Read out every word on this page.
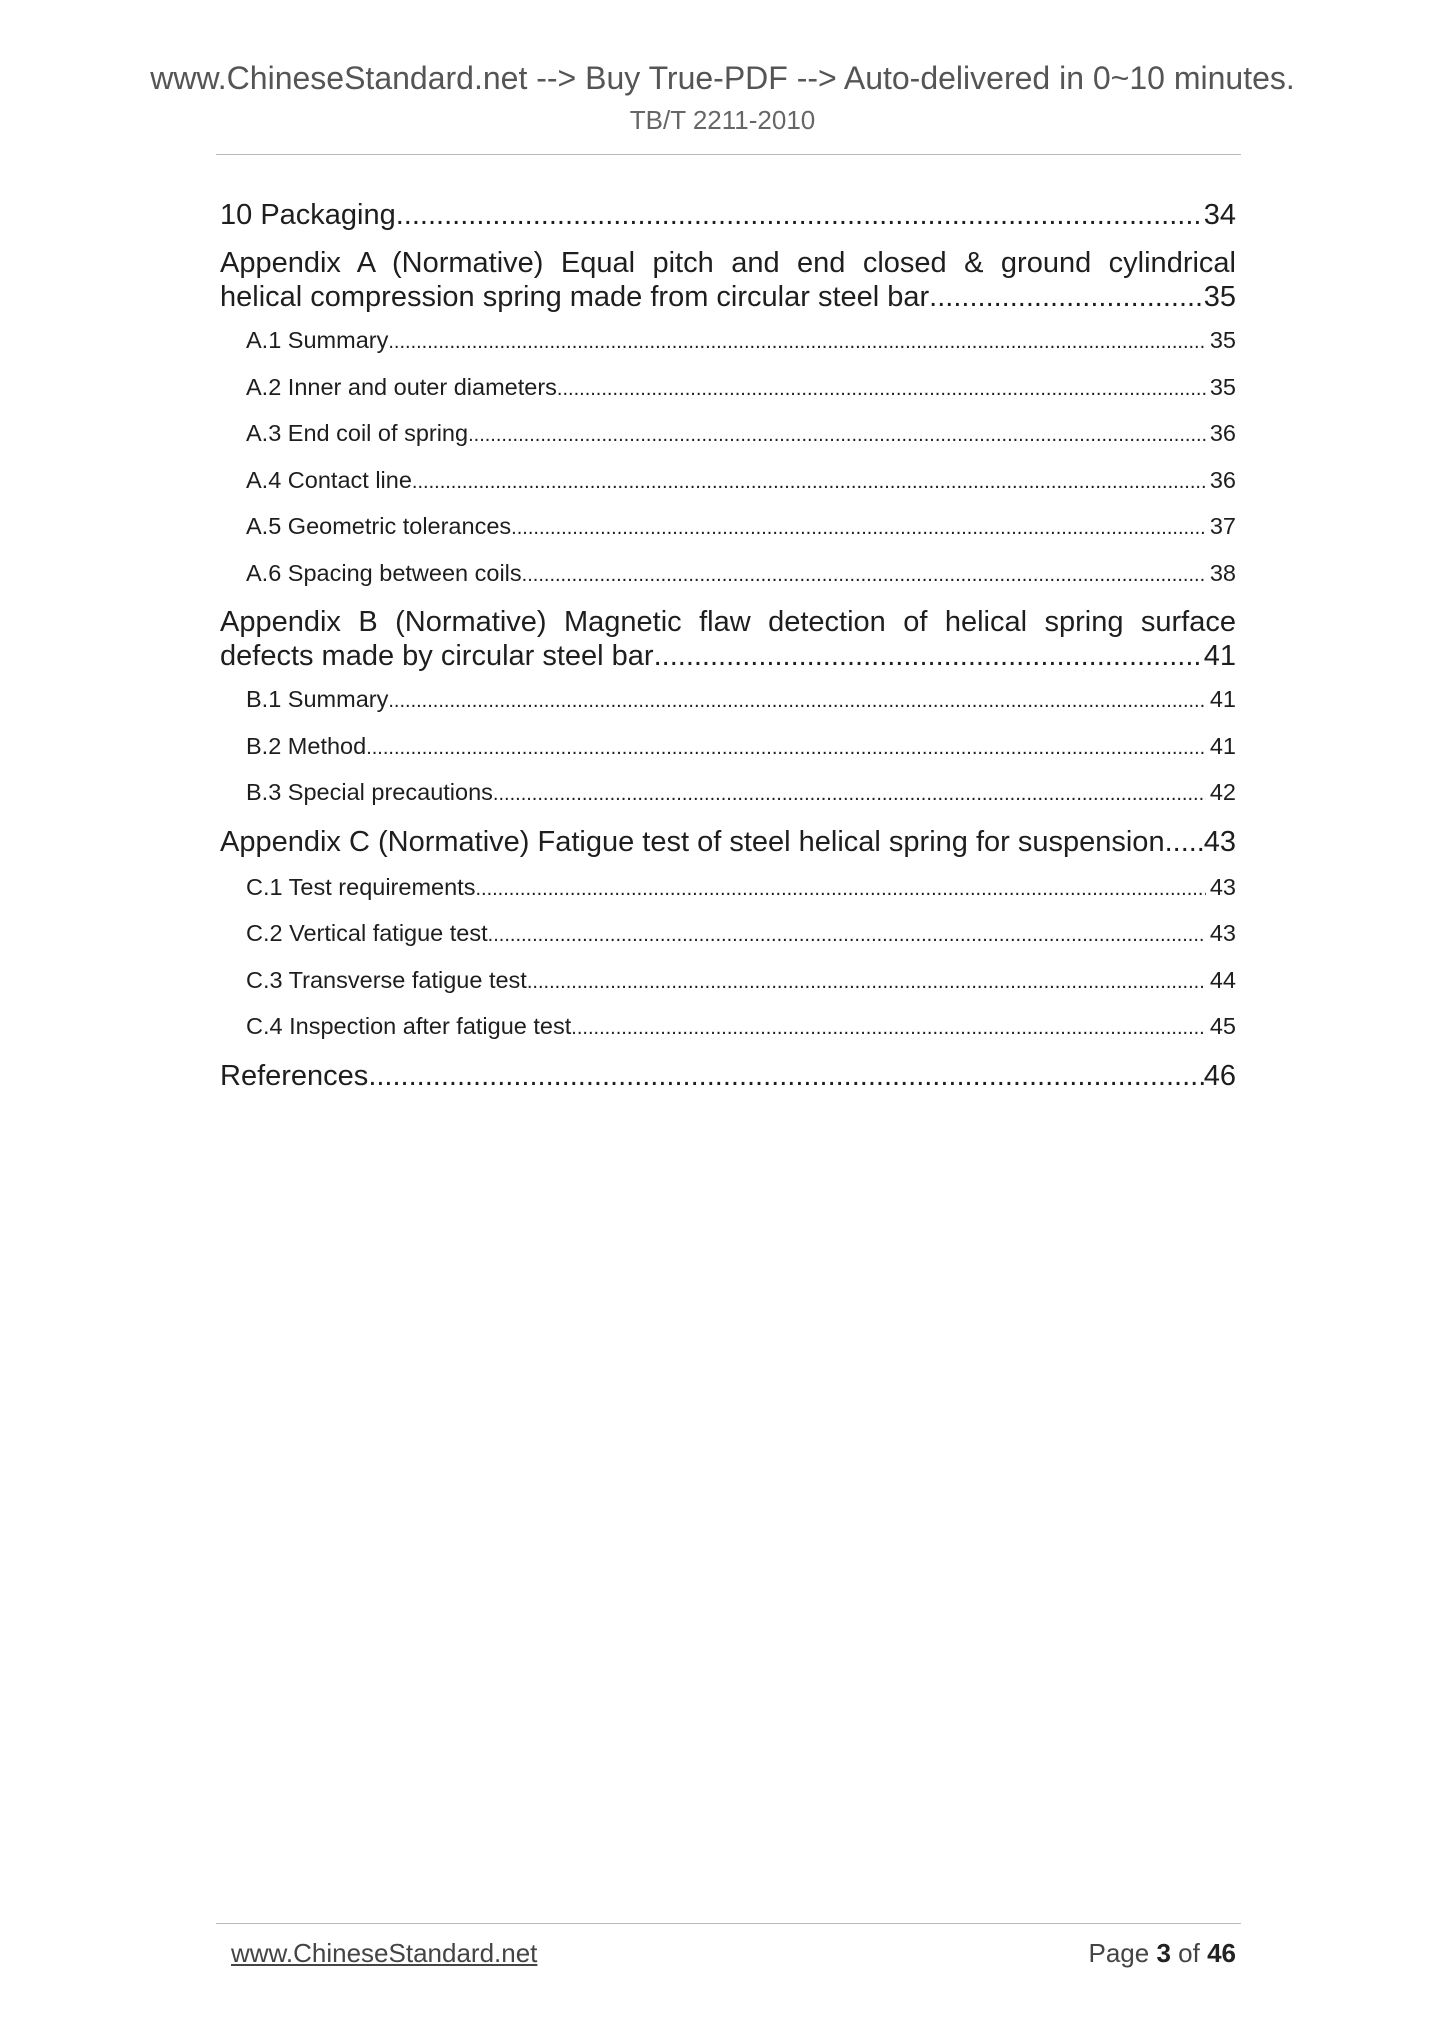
www.ChineseStandard.net --> Buy True-PDF --> Auto-delivered in 0~10 minutes.
TB/T 2211-2010
10 Packaging .....	34
Appendix A (Normative) Equal pitch and end closed & ground cylindrical
helical compression spring made from circular steel bar .....	35
A.1 Summary .....	35
A.2 Inner and outer diameters .....	35
A.3 End coil of spring .....	36
A.4 Contact line .....	36
A.5 Geometric tolerances .....	37
A.6 Spacing between coils .....	38
Appendix B (Normative) Magnetic flaw detection of helical spring surface
defects made by circular steel bar .....	41
B.1 Summary .....	41
B.2 Method .....	41
B.3 Special precautions .....	42
Appendix C (Normative) Fatigue test of steel helical spring for suspension ..... 43
C.1 Test requirements .....	43
C.2 Vertical fatigue test .....	43
C.3 Transverse fatigue test .....	44
C.4 Inspection after fatigue test .....	45
References .....	46
www.ChineseStandard.net	Page 3 of 46
